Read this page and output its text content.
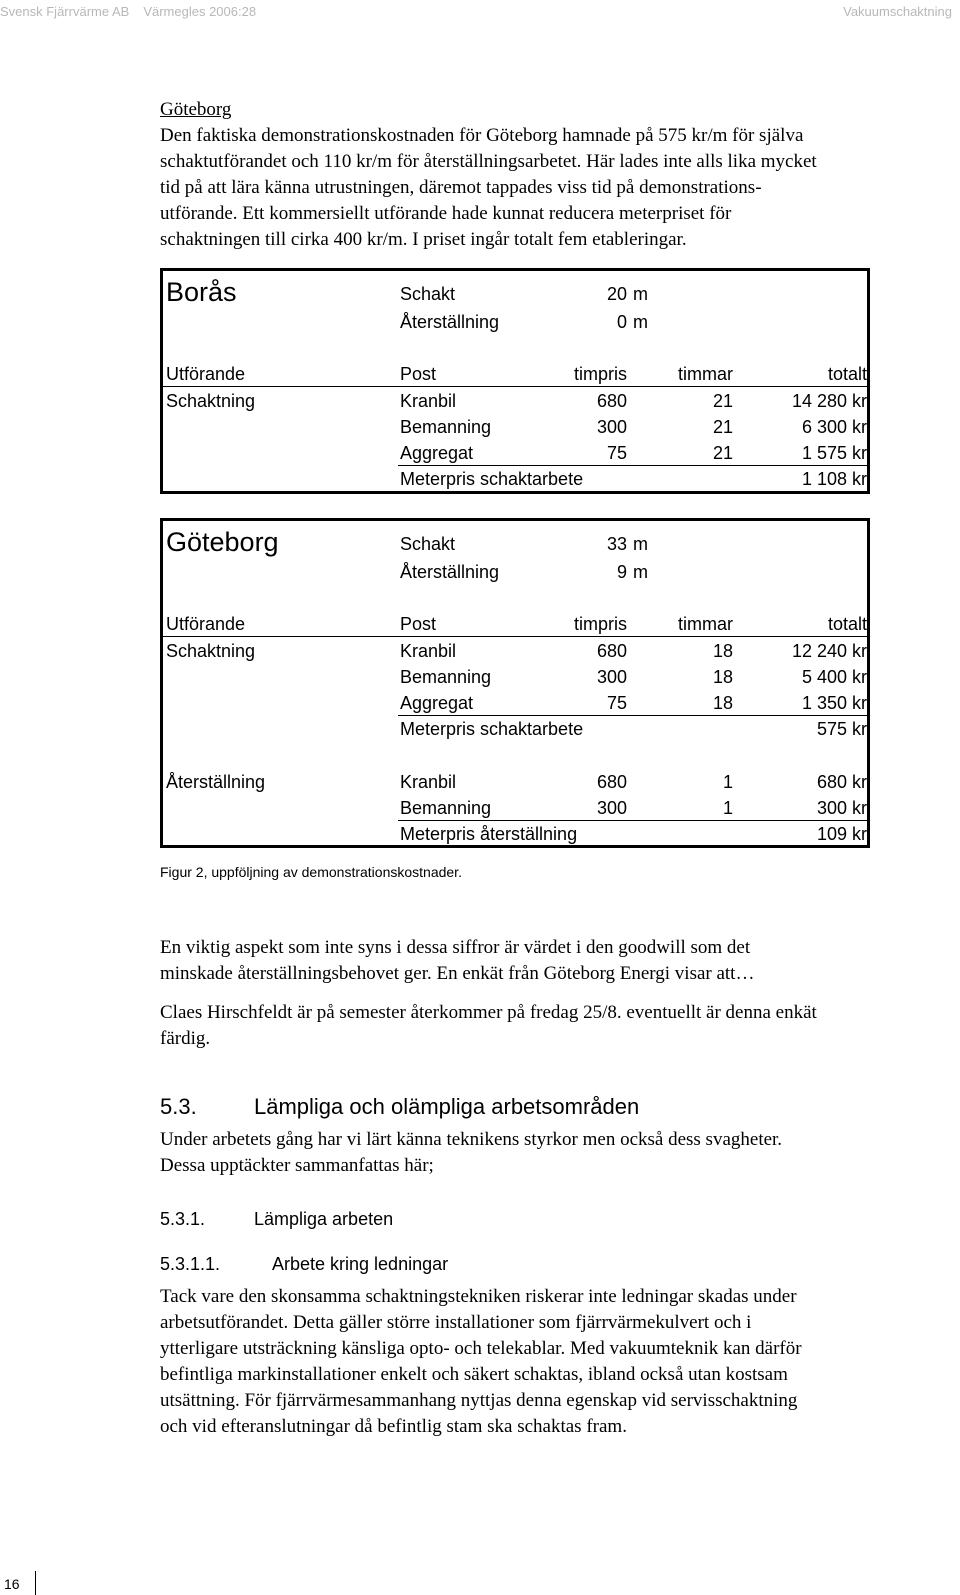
Svensk Fjärrvärme AB Värmegles 2006:28	Vakuumschaktning
Göteborg
Den faktiska demonstrationskostnaden för Göteborg hamnade på 575 kr/m för själva
schaktutförandet och 110 kr/m för återställningsarbetet. Här lades inte alls lika mycket
tid på att lära känna utrustningen, däremot tappades viss tid på demonstrations-
utförande. Ett kommersiellt utförande hade kunnat reducera meterpriset för
schaktningen till cirka 400 kr/m. I priset ingår totalt fem etableringar.
Borås	Schakt	20 m
Återställning	0 m
Utförande	Post	timpris	timmar	totalt
Schaktning	Kranbil	680	21	14 280 kr
Bemanning	300	21	6 300 kr
Aggregat	75	21	1 575 kr
Meterpris schaktarbete	1 108 kr
Göteborg	Schakt	33 m
Återställning	9 m
Utförande	Post	timpris	timmar	totalt
Schaktning	Kranbil	680	18	12 240 kr
Bemanning	300	18	5 400 kr
Aggregat	75	18	1 350 kr
Meterpris schaktarbete	575 kr
Återställning	Kranbil	680	1	680 kr
Bemanning	300	1	300 kr
Meterpris återställning	109 kr
Figur 2, uppföljning av demonstrationskostnader.
En viktig aspekt som inte syns i dessa siffror är värdet i den goodwill som det
minskade återställningsbehovet ger. En enkät från Göteborg Energi visar att…
Claes Hirschfeldt är på semester återkommer på fredag 25/8. eventuellt är denna enkät
färdig.
5.3.	Lämpliga och olämpliga arbetsområden
Under arbetets gång har vi lärt känna teknikens styrkor men också dess svagheter.
Dessa upptäckter sammanfattas här;
5.3.1.	Lämpliga arbeten
5.3.1.1.	Arbete kring ledningar
Tack vare den skonsamma schaktningstekniken riskerar inte ledningar skadas under
arbetsutförandet. Detta gäller större installationer som fjärrvärmekulvert och i
ytterligare utsträckning känsliga opto- och telekablar. Med vakuumteknik kan därför
befintliga markinstallationer enkelt och säkert schaktas, ibland också utan kostsam
utsättning. För fjärrvärmesammanhang nyttjas denna egenskap vid servisschaktning
och vid efteranslutningar då befintlig stam ska schaktas fram.
16
